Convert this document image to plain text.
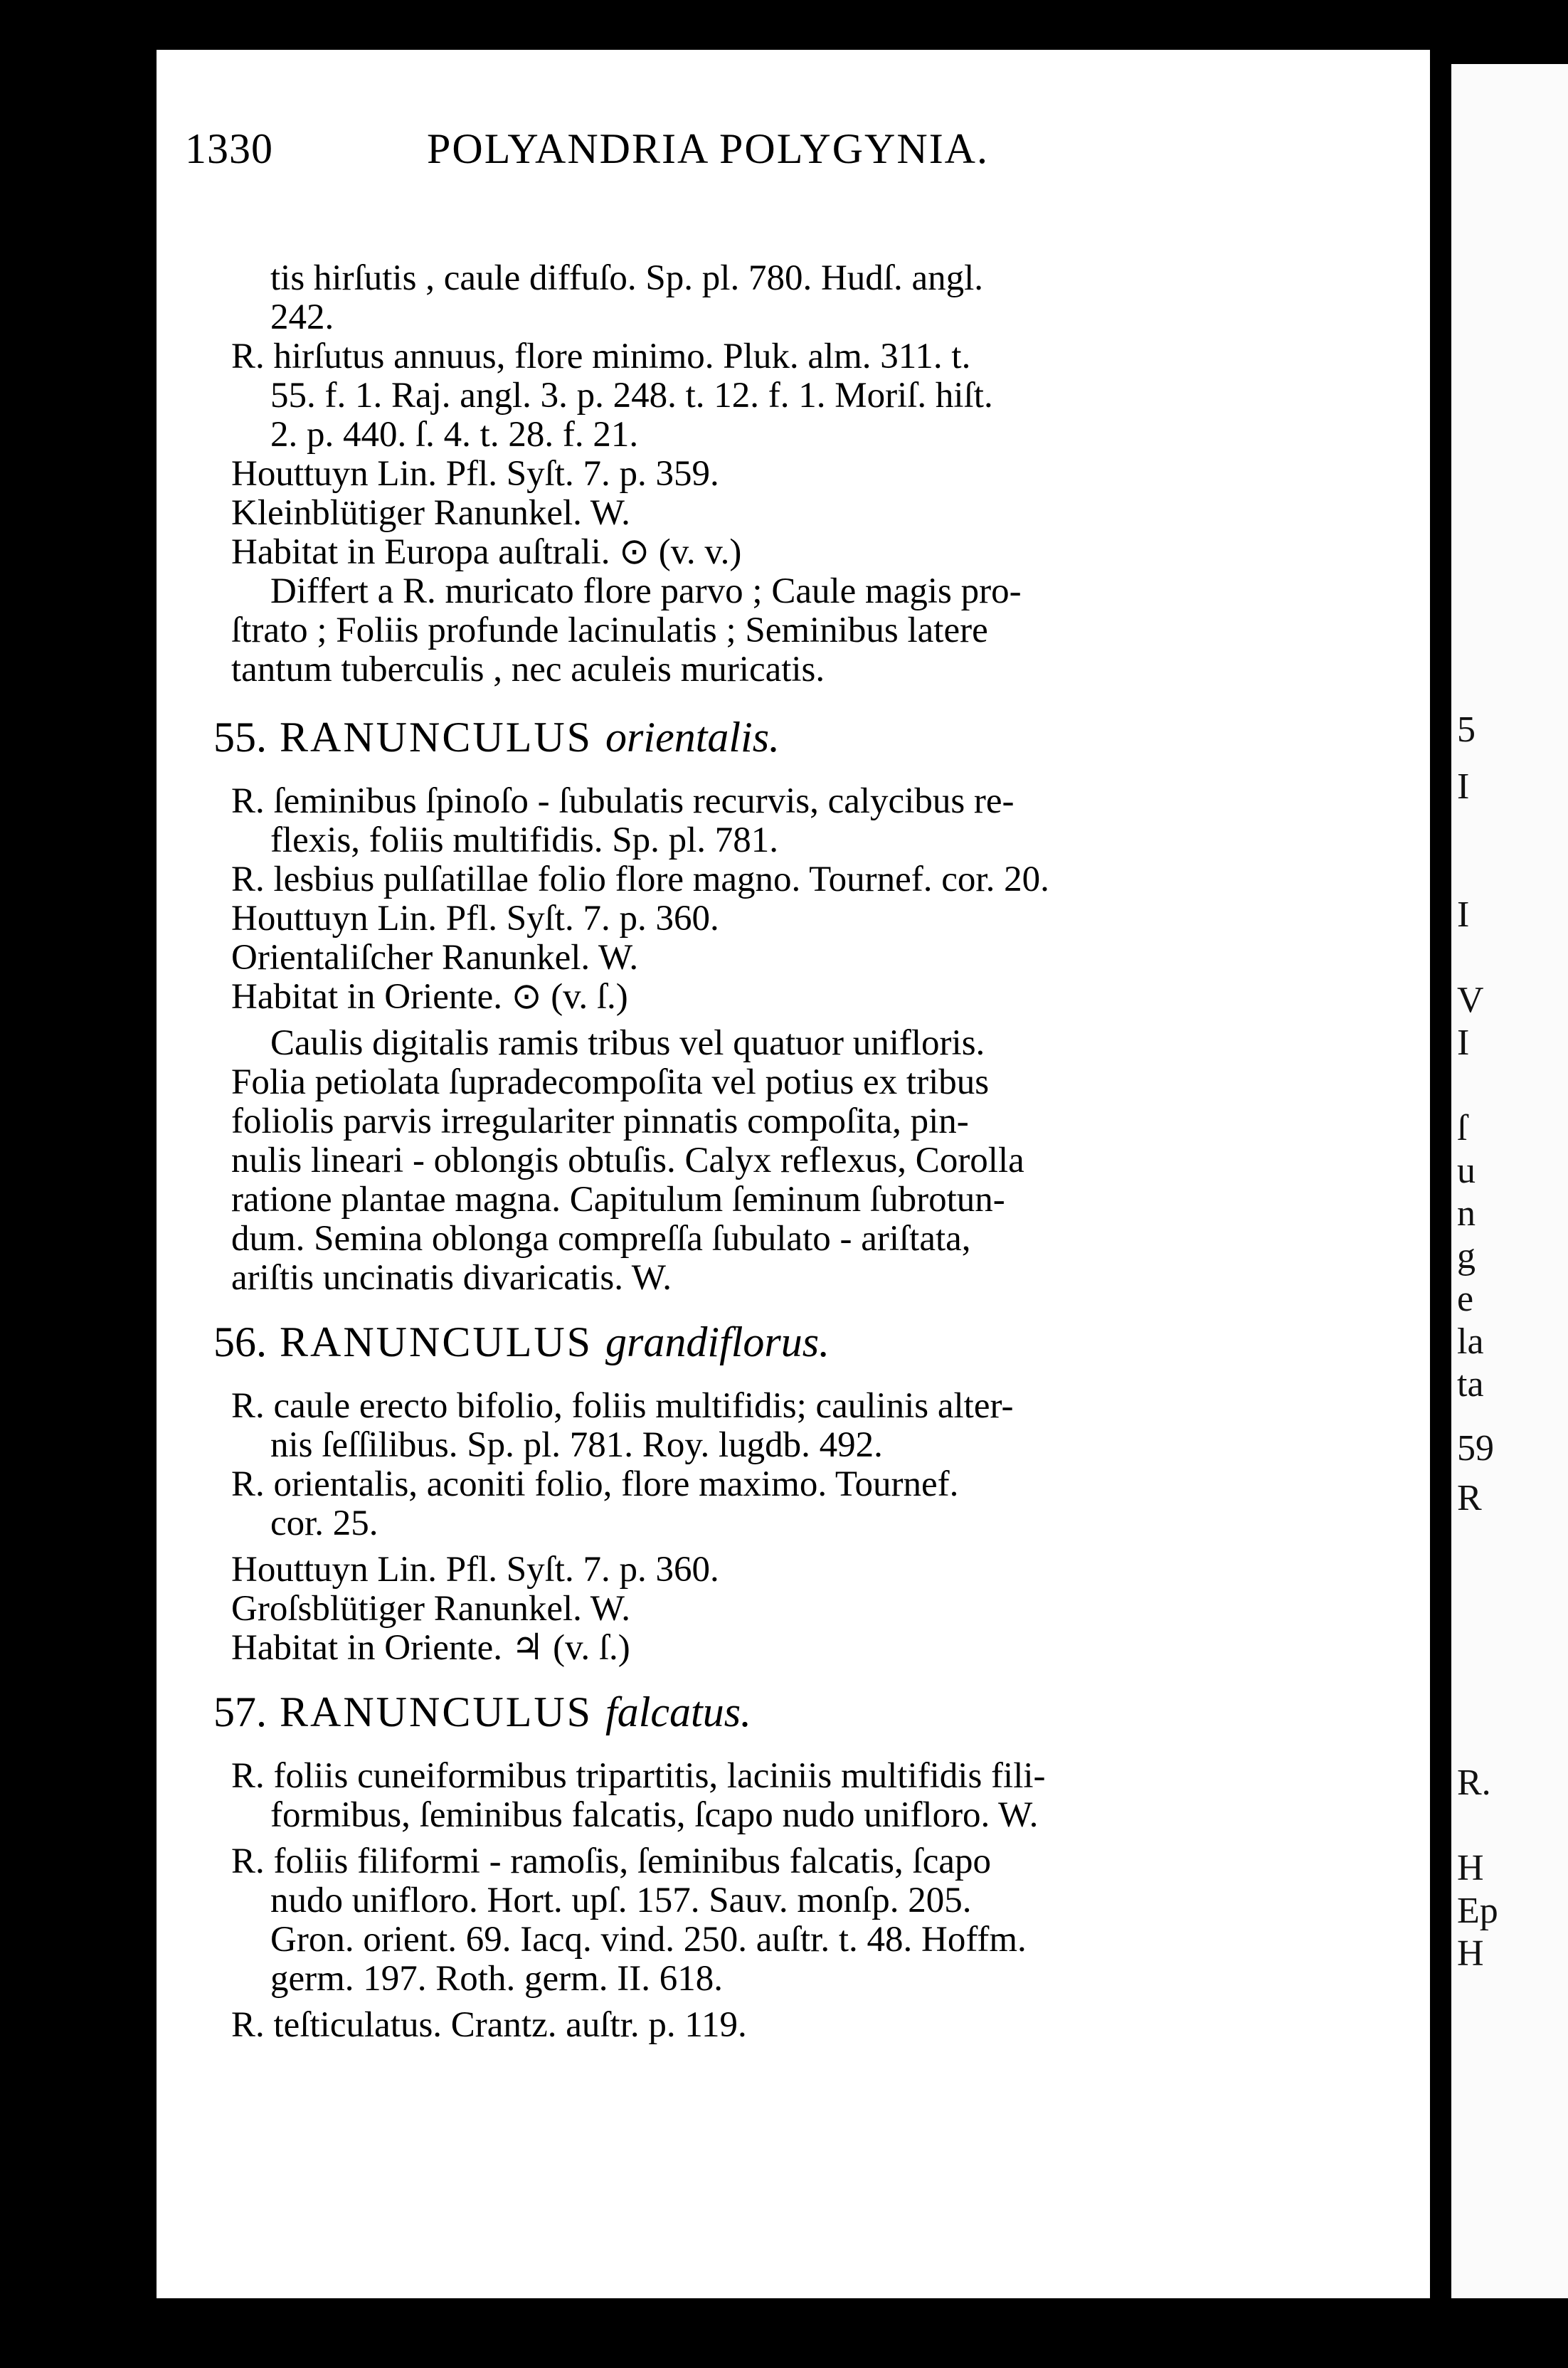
5
I
I
V
I
ſ
u
n
g
e
la
ta
59
R
R.
H
Ep
H
1330	POLYANDRIA POLYGYNIA.
tis hirſutis , caule diffuſo. Sp. pl. 780. Hudſ. angl.
242.
R. hirſutus annuus, flore minimo. Pluk. alm. 311. t.
55. f. 1. Raj. angl. 3. p. 248. t. 12. f. 1. Moriſ. hiſt.
2. p. 440. ſ. 4. t. 28. f. 21.
Houttuyn Lin. Pfl. Syſt. 7. p. 359.
Kleinblütiger Ranunkel. W.
Habitat in Europa auſtrali. ⊙ (v. v.)
Differt a R. muricato flore parvo ; Caule magis pro-
ſtrato ; Foliis profunde lacinulatis ; Seminibus latere
tantum tuberculis , nec aculeis muricatis.
55. RANUNCULUS orientalis.
R. ſeminibus ſpinoſo - ſubulatis recurvis, calycibus re-
flexis, foliis multifidis. Sp. pl. 781.
R. lesbius pulſatillae folio flore magno. Tournef. cor. 20.
Houttuyn Lin. Pfl. Syſt. 7. p. 360.
Orientaliſcher Ranunkel. W.
Habitat in Oriente. ⊙ (v. ſ.)
Caulis digitalis ramis tribus vel quatuor unifloris.
Folia petiolata ſupradecompoſita vel potius ex tribus
foliolis parvis irregulariter pinnatis compoſita, pin-
nulis lineari - oblongis obtuſis. Calyx reflexus, Corolla
ratione plantae magna. Capitulum ſeminum ſubrotun-
dum. Semina oblonga compreſſa ſubulato - ariſtata,
ariſtis uncinatis divaricatis. W.
56. RANUNCULUS grandiflorus.
R. caule erecto bifolio, foliis multifidis; caulinis alter-
nis ſeſſilibus. Sp. pl. 781. Roy. lugdb. 492.
R. orientalis, aconiti folio, flore maximo. Tournef.
cor. 25.
Houttuyn Lin. Pfl. Syſt. 7. p. 360.
Groſsblütiger Ranunkel. W.
Habitat in Oriente. ♃ (v. ſ.)
57. RANUNCULUS falcatus.
R. foliis cuneiformibus tripartitis, laciniis multifidis fili-
formibus, ſeminibus falcatis, ſcapo nudo unifloro. W.
R. foliis filiformi - ramoſis, ſeminibus falcatis, ſcapo
nudo unifloro. Hort. upſ. 157. Sauv. monſp. 205.
Gron. orient. 69. Iacq. vind. 250. auſtr. t. 48. Hoffm.
germ. 197. Roth. germ. II. 618.
R. teſticulatus. Crantz. auſtr. p. 119.
